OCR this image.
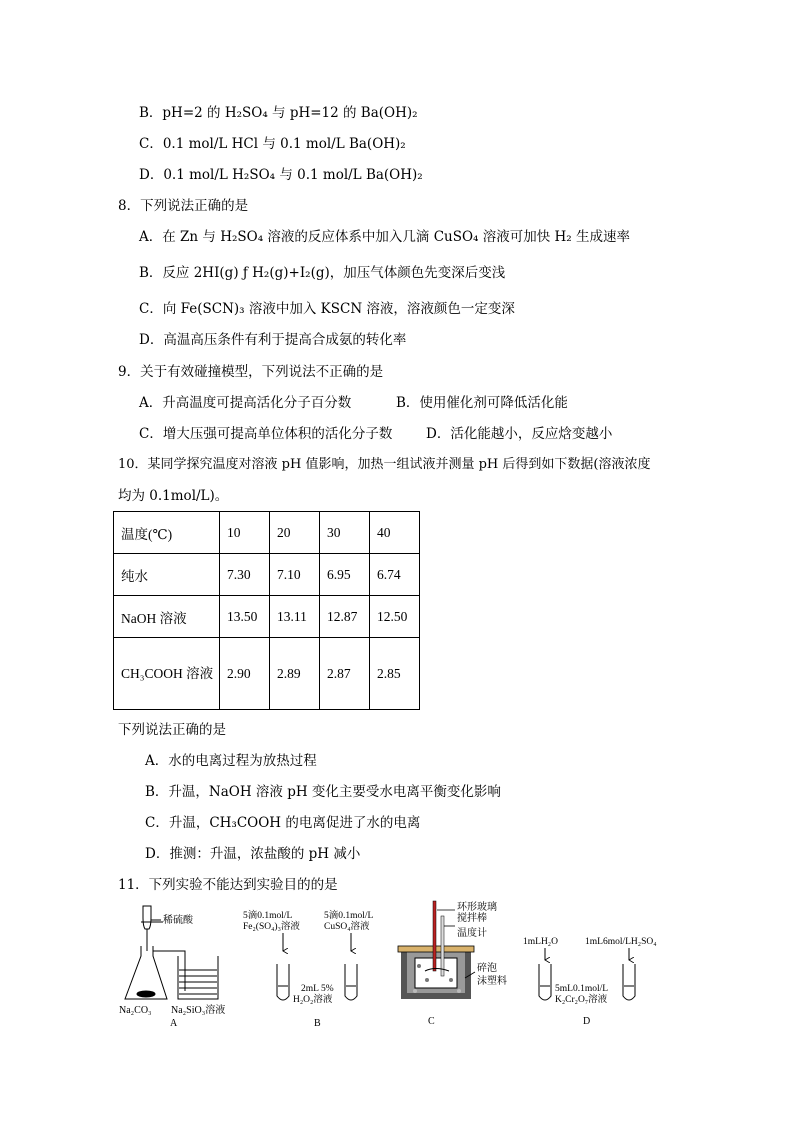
B．pH=2 的 H₂SO₄ 与 pH=12 的 Ba(OH)₂
C．0.1 mol/L HCl 与 0.1 mol/L Ba(OH)₂
D．0.1 mol/L H₂SO₄ 与 0.1 mol/L Ba(OH)₂
8．下列说法正确的是
A．在 Zn 与 H₂SO₄ 溶液的反应体系中加入几滴 CuSO₄ 溶液可加快 H₂ 生成速率
B．反应 2HI(g) ƒ H₂(g)+I₂(g)，加压气体颜色先变深后变浅
C．向 Fe(SCN)₃ 溶液中加入 KSCN 溶液，溶液颜色一定变深
D．高温高压条件有利于提高合成氨的转化率
9．关于有效碰撞模型，下列说法不正确的是
A．升高温度可提高活化分子百分数	B．使用催化剂可降低活化能
C．增大压强可提高单位体积的活化分子数 D．活化能越小，反应焓变越小
10．某同学探究温度对溶液 pH 值影响，加热一组试液并测量 pH 后得到如下数据(溶液浓度
均为 0.1mol/L)。
温度(℃)	10	20	30	40
纯水	7.30	7.10	6.95	6.74
NaOH 溶液	13.50	13.11	12.87	12.50
CH₃COOH 溶液	2.90	2.89	2.87	2.85
下列说法正确的是
A．水的电离过程为放热过程
B．升温，NaOH 溶液 pH 变化主要受水电离平衡变化影响
C．升温，CH₃COOH 的电离促进了水的电离
D．推测：升温，浓盐酸的 pH 减小
11．下列实验不能达到实验目的的是
稀硫酸
Na₂CO₃ Na₂SiO₃溶液
A
5滴0.1mol/L
Fe₂(SO₄)₃溶液
5滴0.1mol/L
CuSO₄溶液
2mL 5%
H₂O₂溶液
B
环形玻璃
搅拌棒
温度计
碎泡
沫塑料
C
1mLH₂O	1mL6mol/LH₂SO₄
5mL0.1mol/L
K₂Cr₂O₇溶液
D
